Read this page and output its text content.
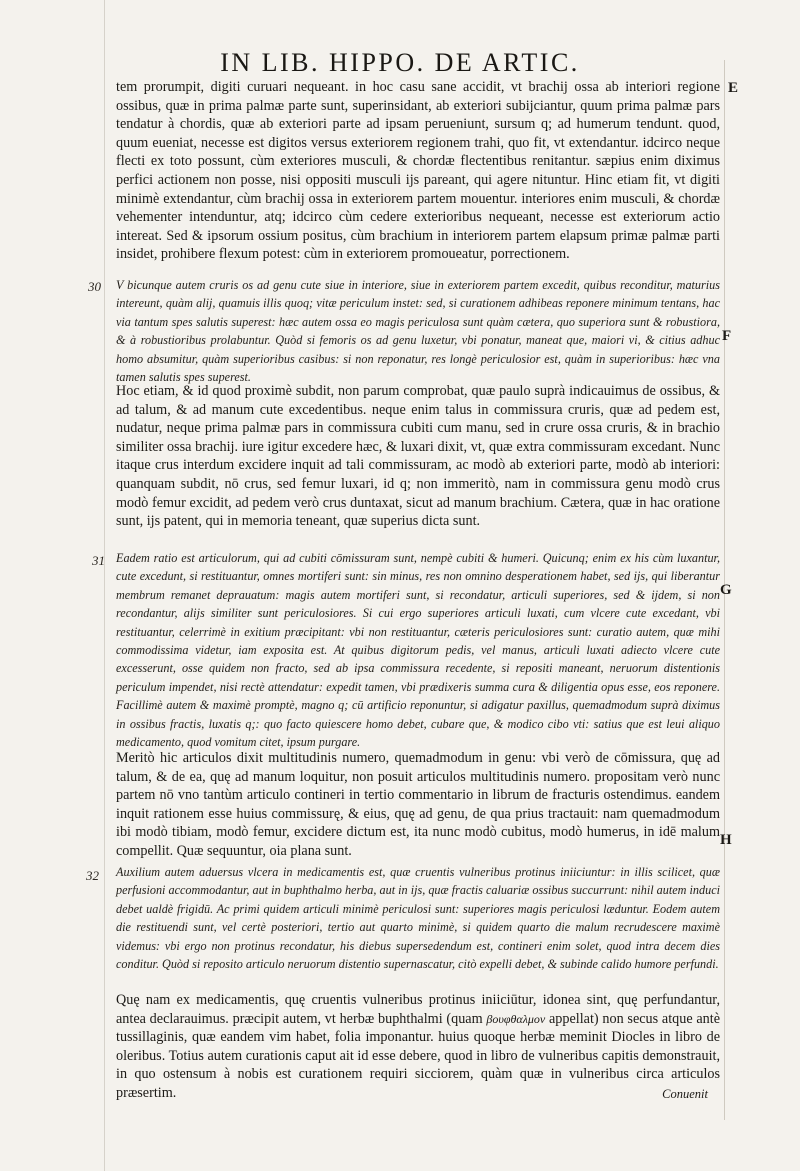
IN LIB. HIPPO. DE ARTIC.

tem prorumpit, digiti curuari nequeant. in hoc casu sane accidit, vt brachij ossa ab interiori regione ossibus, quæ in prima palmæ parte sunt, superinsidant, ab exteriori subijciantur, quum prima palmæ pars tendatur à chordis, quæ ab exteriori parte ad ipsam perueniunt, sursum q; ad humerum tendunt. quod, quum eueniat, necesse est digitos versus exteriorem regionem trahi, quo fit, vt extendantur. idcirco neque flecti ex toto possunt, cùm exteriores musculi, & chordæ flectentibus renitantur. sæpius enim diximus perfici actionem non posse, nisi oppositi musculi ijs pareant, qui agere nituntur. Hinc etiam fit, vt digiti minimè extendantur, cùm brachij ossa in exteriorem partem mouentur. interiores enim musculi, & chordæ vehementer intenduntur, atq; idcirco cùm cedere exterioribus nequeant, necesse est exteriorum actio intereat. Sed & ipsorum ossium positus, cùm brachium in interiorem partem elapsum primæ palmæ parti insidet, prohibere flexum potest: cùm in exteriorem promoueatur, porrectionem.

E
30 V bicunque autem cruris os ad genu cute siue in interiore, siue in exteriorem partem excedit, quibus reconditur, maturius intereunt, quàm alij, quamuis illis quoq; vitæ periculum instet: sed, si curationem adhibeas reponere minimum tentans, hac via tantum spes salutis superest: hæc autem ossa eo magis periculosa sunt quàm cætera, quo superiora sunt & robustiora, & à robustioribus prolabuntur. Quòd si femoris os ad genu luxetur, vbi ponatur, maneat que, maiori vi, & citius adhuc homo absumitur, quàm superioribus casibus: si non reponatur, res longè periculosior est, quàm in superioribus: hæc vna tamen salutis spes superest.

F

Hoc etiam, & id quod proximè subdit, non parum comprobat, quæ paulo suprà indicauimus de ossibus, & ad talum, & ad manum cute excedentibus. neque enim talus in commissura cruris, quæ ad pedem est, nudatur, neque prima palmæ pars in commissura cubiti cum manu, sed in crure ossa cruris, & in brachio similiter ossa brachij. iure igitur excedere hæc, & luxari dixit, vt, quæ extra commissuram excedant. Nunc itaque crus interdum excidere inquit ad tali commissuram, ac modò ab exteriori parte, modò ab interiori: quanquam subdit, nō crus, sed femur luxari, id q; non immeritò, nam in commissura genu modò crus modò femur excidit, ad pedem verò crus duntaxat, sicut ad manum brachium. Cætera, quæ in hac oratione sunt, ijs patent, qui in memoria teneant, quæ superius dicta sunt.

31 Eadem ratio est articulorum, qui ad cubiti cōmissuram sunt, nempè cubiti & humeri. Quicunq; enim ex his cùm luxantur, cute excedunt, si restituantur, omnes mortiferi sunt: sin minus, res non omnino desperationem habet, sed ijs, qui liberantur membrum remanet deprauatum: magis autem mortiferi sunt, si recondatur, articuli superiores, sed & ijdem, si non recondantur, alijs similiter sunt periculosiores. Si cui ergo superiores articuli luxati, cum vlcere cute excedant, vbi restituantur, celerrimè in exitium præcipitant: vbi non restituantur, cæteris periculosiores sunt: curatio autem, quæ mihi commodissima videtur, iam exposita est. At quibus digitorum pedis, vel manus, articuli luxati adiecto vlcere cute excesserunt, osse quidem non fracto, sed ab ipsa commissura recedente, si repositi maneant, neruorum distentionis periculum impendet, nisi rectè attendatur: expedit tamen, vbi prædixeris summa cura & diligentia opus esse, eos reponere. Facillimè autem & maximè promptè, magno q; cū artificio reponuntur, si adigatur paxillus, quemadmodum suprà diximus in ossibus fractis, luxatis q;: quo facto quiescere homo debet, cubare que, & modico cibo vti: satius que est leui aliquo medicamento, quod vomitum citet, ipsum purgare.

G

Meritò hic articulos dixit multitudinis numero, quemadmodum in genu: vbi verò de cōmissura, quę ad talum, & de ea, quę ad manum loquitur, non posuit articulos multitudinis numero. propositam verò nunc partem nō vno tantùm articulo contineri in tertio commentario in librum de fracturis ostendimus. eandem inquit rationem esse huius commissurę, & eius, quę ad genu, de qua prius tractauit: nam quemadmodum ibi modò tibiam, modò femur, excidere dictum est, ita nunc modò cubitus, modò humerus, in idē malum compellit. Quæ sequuntur, oia plana sunt.

H
32 Auxilium autem aduersus vlcera in medicamentis est, quæ cruentis vulneribus protinus iniiciuntur: in illis scilicet, quæ perfusioni accommodantur, aut in buphthalmo herba, aut in ijs, quæ fractis caluariæ ossibus succurrunt: nihil autem induci debet ualdè frigidū. Ac primi quidem articuli minimè periculosi sunt: superiores magis periculosi læduntur. Eodem autem die restituendi sunt, vel certè posteriori, tertio aut quarto minimè, si quidem quarto die malum recrudescere maximè videmus: vbi ergo non protinus recondatur, his diebus supersedendum est, contineri enim solet, quod intra decem dies conditur. Quòd si reposito articulo neruorum distentio supernascatur, citò expelli debet, & subinde calido humore perfundi.

Quę nam ex medicamentis, quę cruentis vulneribus protinus iniiciūtur, idonea sint, quę perfundantur, antea declarauimus. præcipit autem, vt herbæ buphthalmi (quam βουφθαλμον appellat) non secus atque antè tussillaginis, quæ eandem vim habet, folia imponantur. huius quoque herbæ meminit Diocles in libro de oleribus. Totius autem curationis caput ait id esse debere, quod in libro de vulneribus capitis demonstrauit, in quo ostensum à nobis est curationem requiri sicciorem, quàm quæ in vulneribus circa articulos præsertim.	Conuenit
